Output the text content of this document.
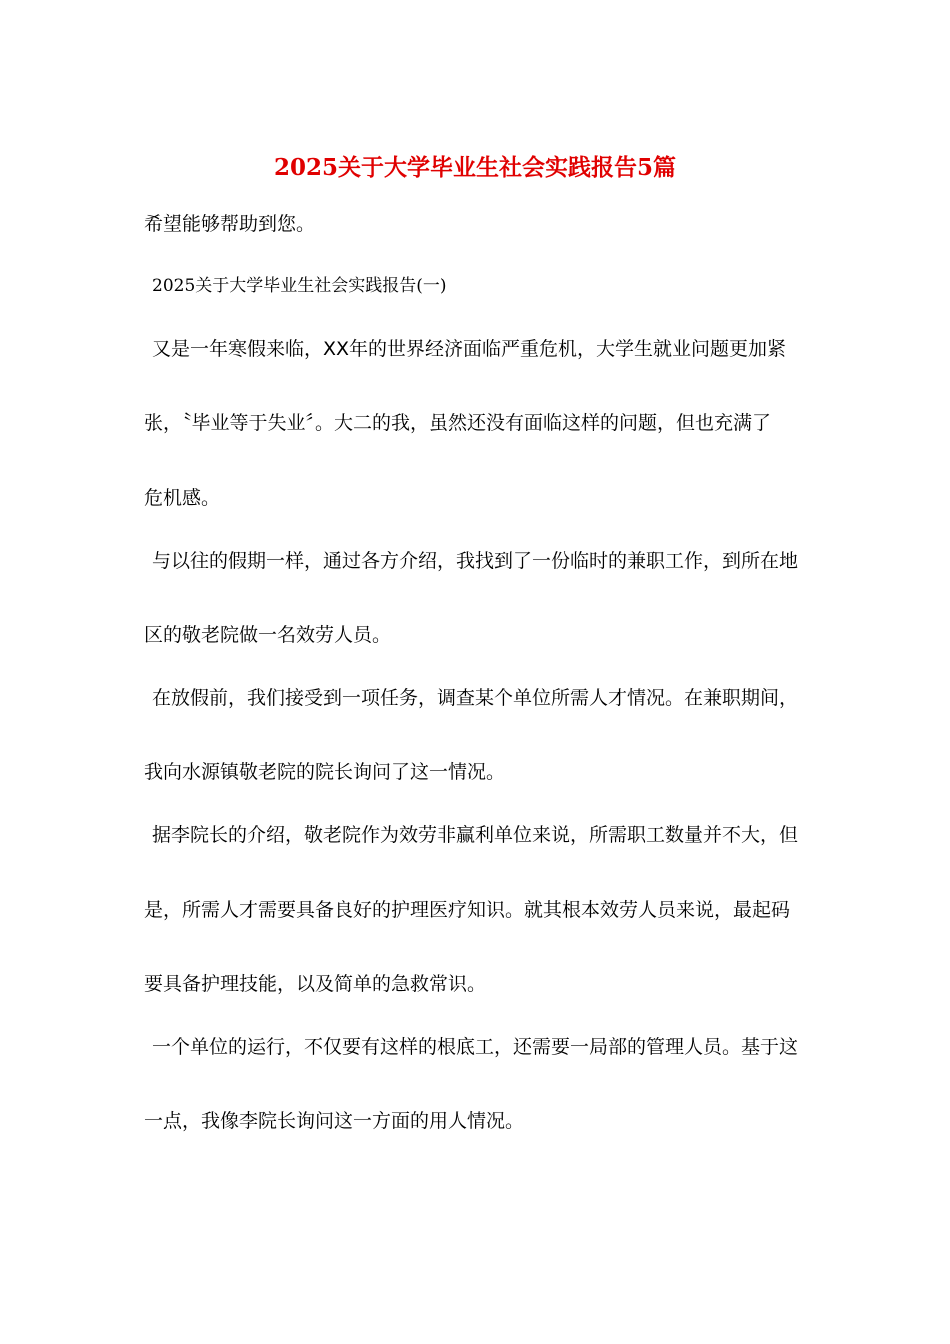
2025关于大学毕业生社会实践报告5篇
希望能够帮助到您。
2025关于大学毕业生社会实践报告(一)
又是一年寒假来临，XX年的世界经济面临严重危机，大学生就业问题更加紧
张，〝毕业等于失业〞。大二的我，虽然还没有面临这样的问题，但也充满了
危机感。
与以往的假期一样，通过各方介绍，我找到了一份临时的兼职工作，到所在地
区的敬老院做一名效劳人员。
在放假前，我们接受到一项任务，调查某个单位所需人才情况。在兼职期间，
我向水源镇敬老院的院长询问了这一情况。
据李院长的介绍，敬老院作为效劳非赢利单位来说，所需职工数量并不大，但
是，所需人才需要具备良好的护理医疗知识。就其根本效劳人员来说，最起码
要具备护理技能，以及简单的急救常识。
一个单位的运行，不仅要有这样的根底工，还需要一局部的管理人员。基于这
一点，我像李院长询问这一方面的用人情况。
